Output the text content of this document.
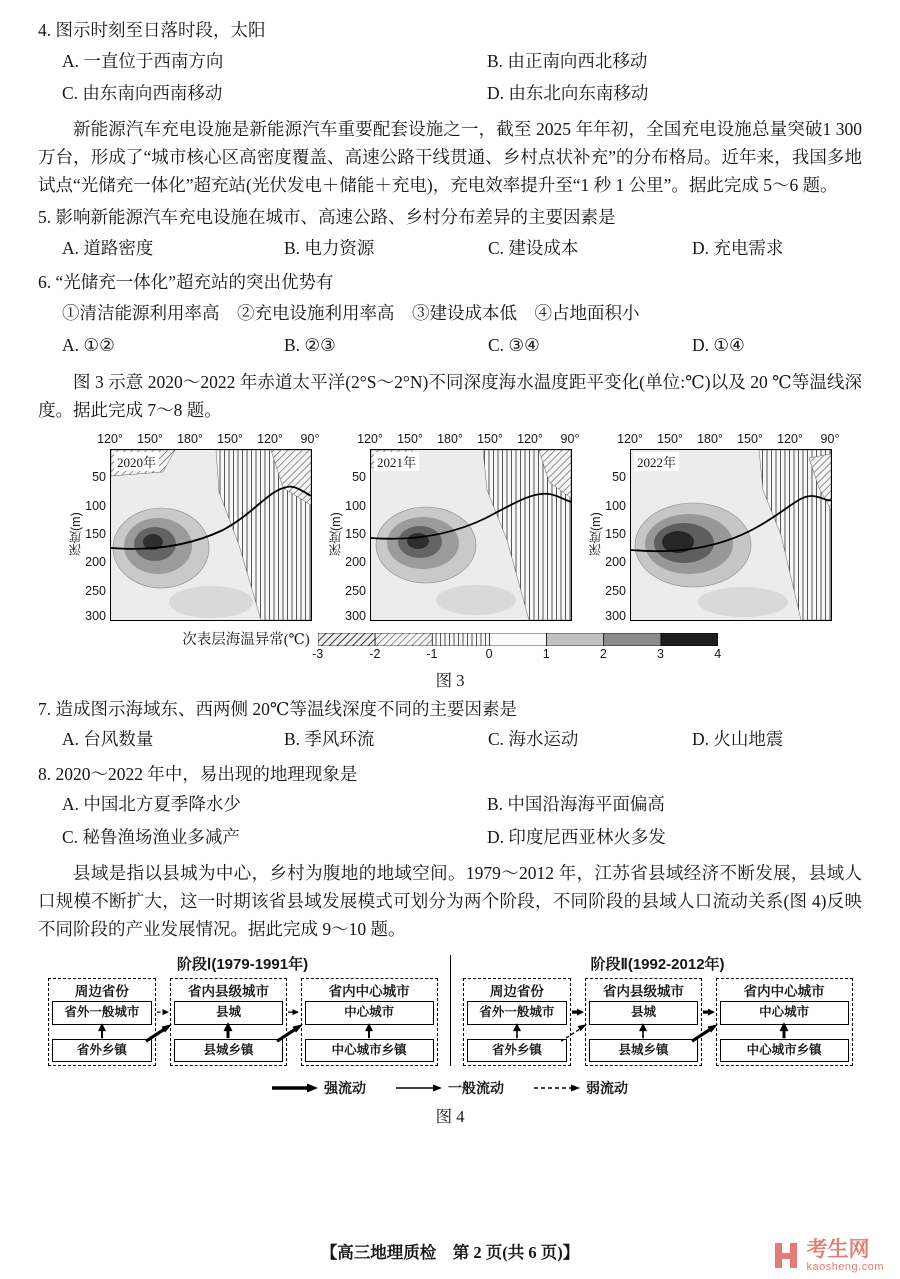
4. 图示时刻至日落时段，太阳
A. 一直位于西南方向	B. 由正南向西北移动
C. 由东南向西南移动	D. 由东北向东南移动
新能源汽车充电设施是新能源汽车重要配套设施之一，截至 2025 年年初，全国充电设施总量突破1 300 万台，形成了“城市核心区高密度覆盖、高速公路干线贯通、乡村点状补充”的分布格局。近年来，我国多地试点“光储充一体化”超充站(光伏发电＋储能＋充电)，充电效率提升至“1 秒 1 公里”。据此完成 5～6 题。
5. 影响新能源汽车充电设施在城市、高速公路、乡村分布差异的主要因素是
A. 道路密度	B. 电力资源	C. 建设成本	D. 充电需求
6. “光储充一体化”超充站的突出优势有
①清洁能源利用率高　②充电设施利用率高　③建设成本低　④占地面积小
A. ①②	B. ②③	C. ③④	D. ①④
图 3 示意 2020～2022 年赤道太平洋(2°S～2°N)不同深度海水温度距平变化(单位:℃)以及 20 ℃等温线深度。据此完成 7～8 题。
120° 150° 180° 150° 120° 90°
深度(m)
50
100
150
200
250
300
2020年
120° 150° 180° 150° 120° 90°
深度(m)
50
100
150
200
250
300
2021年
120° 150° 180° 150° 120° 90°
深度(m)
50
100
150
200
250
300
2022年
次表层海温异常(℃)
-3	-2	-1	0	1	2	3	4
图 3
7. 造成图示海域东、西两侧 20℃等温线深度不同的主要因素是
A. 台风数量	B. 季风环流	C. 海水运动	D. 火山地震
8. 2020～2022 年中，易出现的地理现象是
A. 中国北方夏季降水少	B. 中国沿海海平面偏高
C. 秘鲁渔场渔业多减产	D. 印度尼西亚林火多发
县域是指以县城为中心，乡村为腹地的地域空间。1979～2012 年，江苏省县域经济不断发展，县域人口规模不断扩大，这一时期该省县域发展模式可划分为两个阶段，不同阶段的县域人口流动关系(图 4)反映不同阶段的产业发展情况。据此完成 9～10 题。
阶段Ⅰ(1979-1991年)
周边省份
省外一般城市
省外乡镇
省内县级城市
县城
县城乡镇
省内中心城市
中心城市
中心城市乡镇
阶段Ⅱ(1992-2012年)
周边省份
省外一般城市
省外乡镇
省内县级城市
县城
县城乡镇
省内中心城市
中心城市
中心城市乡镇
强流动	一般流动	弱流动
图 4
【高三地理质检　第 2 页(共 6 页)】	考生网
kaosheng.com
